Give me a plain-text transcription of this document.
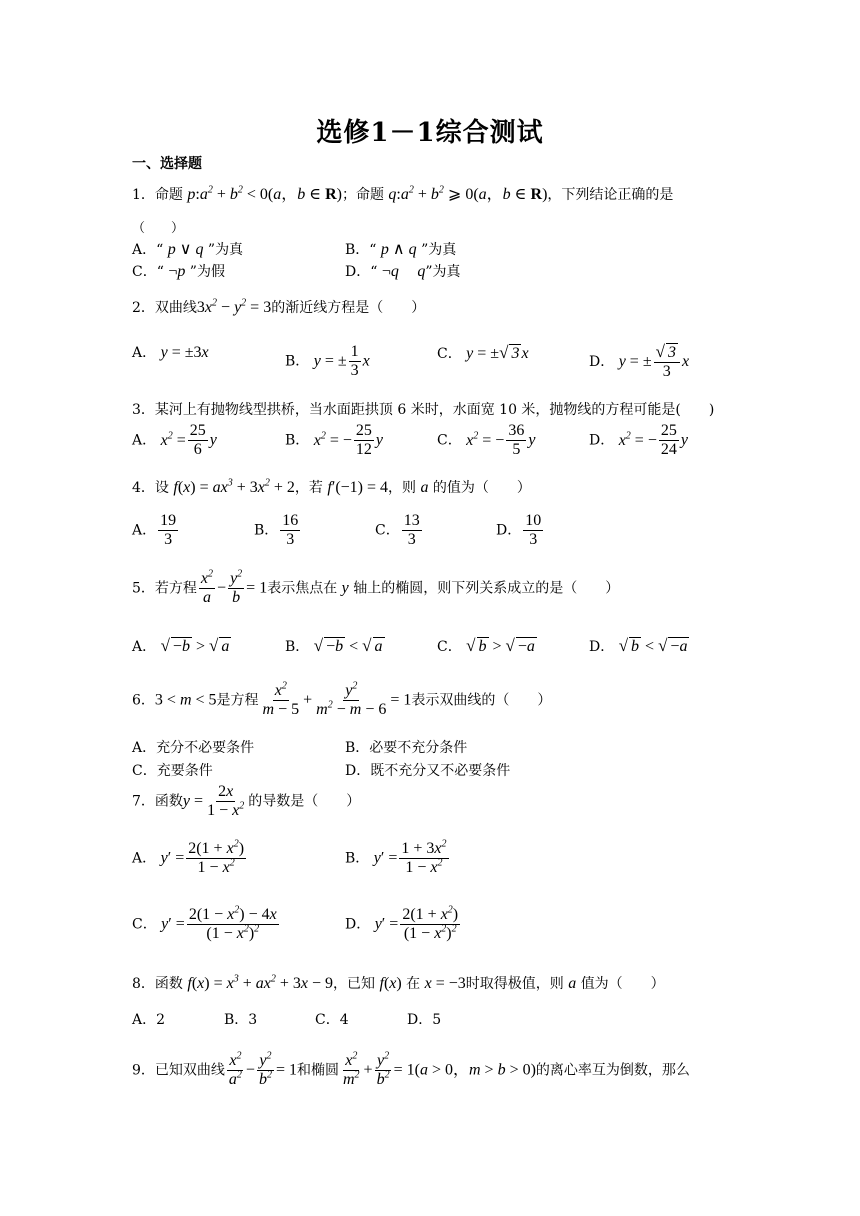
选修1－1综合测试
一、选择题
1．命题 $p:a^2 + b^2 < 0(a$，b ∈ R)；命题 $q:a^2 + b^2$ ⩾ 0(a，b ∈ R)，下列结论正确的是
（　　）
A．“ p ∨ q ”为真	B．“ p ∧ q ”为真
C．“ ¬p ”为假	D．“ ¬q　 q”为真
2．双曲线$3x^2 - y^2 = 3$的渐近线方程是（　　）
A． y = ±3x
B． y = ± $\frac{1}{3}$ x	C． y = ±√ 3 x	D． y = ± $\frac{√ 3}{3}$ x
3．某河上有抛物线型拱桥，当水面距拱顶 6 米时，水面宽 10 米，抛物线的方程可能是(　　)
A． $x^2 = \frac{25}{6}$ y	B． $x^2$ = − $\frac{25}{12}$ y	C． $x^2$ = − $\frac{36}{5}$ y	D． $x^2$ = − $\frac{25}{24}$ y
4．设 $f(x) = ax^3 + 3x^2 + 2$，若 f′(−1) = 4，则 a 的值为（　　）
A． $\frac{19}{3}$	B． $\frac{16}{3}$	C． $\frac{13}{3}$	D． $\frac{10}{3}$
5．若方程 $\frac{x^2}{a} - \frac{y^2}{b} = 1$表示焦点在 y 轴上的椭圆，则下列关系成立的是（　　）
A． √ −b > √ a	B． √ −b < √ a	C． √ b > √ −a	D． √ b < √ −a
6．3 < m < 5是方程 $\frac{x^2}{m - 5} + \frac{y^2}{m^2 - m - 6} = 1$表示双曲线的（　　）
A．充分不必要条件	B．必要不充分条件
C．充要条件	D．既不充分又不必要条件
7．函数$y = \frac{2x}{1 - x^2}$ 的导数是（　　）
A． $y' = \frac{2(1 + x^2)}{1 - x^2}$	B． $y' = \frac{1 + 3x^2}{1 - x^2}$
C． $y' = \frac{2(1 - x^2) - 4x}{(1 - x^2)^2}$	D． $y' = \frac{2(1 + x^2)}{(1 - x^2)^2}$
8．函数 $f(x) = x^3 + ax^2 + 3x - 9$，已知 f(x) 在 x = −3时取得极值，则 a 值为（　　）
A．2	B．3	C．4	D．5
9．已知双曲线 $\frac{x^2}{a^2} - \frac{y^2}{b^2} = 1$和椭圆 $\frac{x^2}{m^2} + \frac{y^2}{b^2} = 1(a > 0$，m > b > 0)的离心率互为倒数，那么
